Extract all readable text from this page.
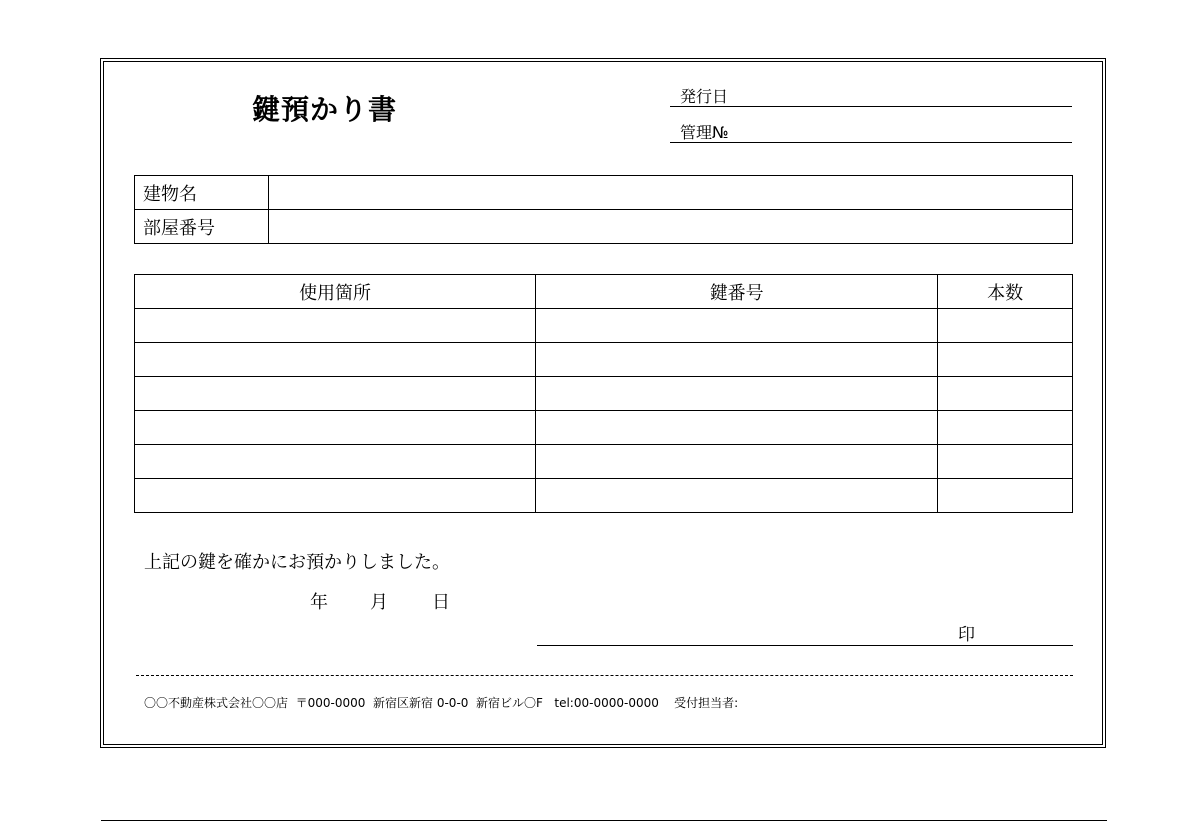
鍵預かり書	発行日
管理№
建物名	
部屋番号	
使用箇所	鍵番号	本数

上記の鍵を確かにお預かりしました。
年 月 日
印
〇〇不動産株式会社〇〇店  〒000-0000  新宿区新宿 0-0-0  新宿ビル〇F   tel:00-0000-0000    受付担当者:
